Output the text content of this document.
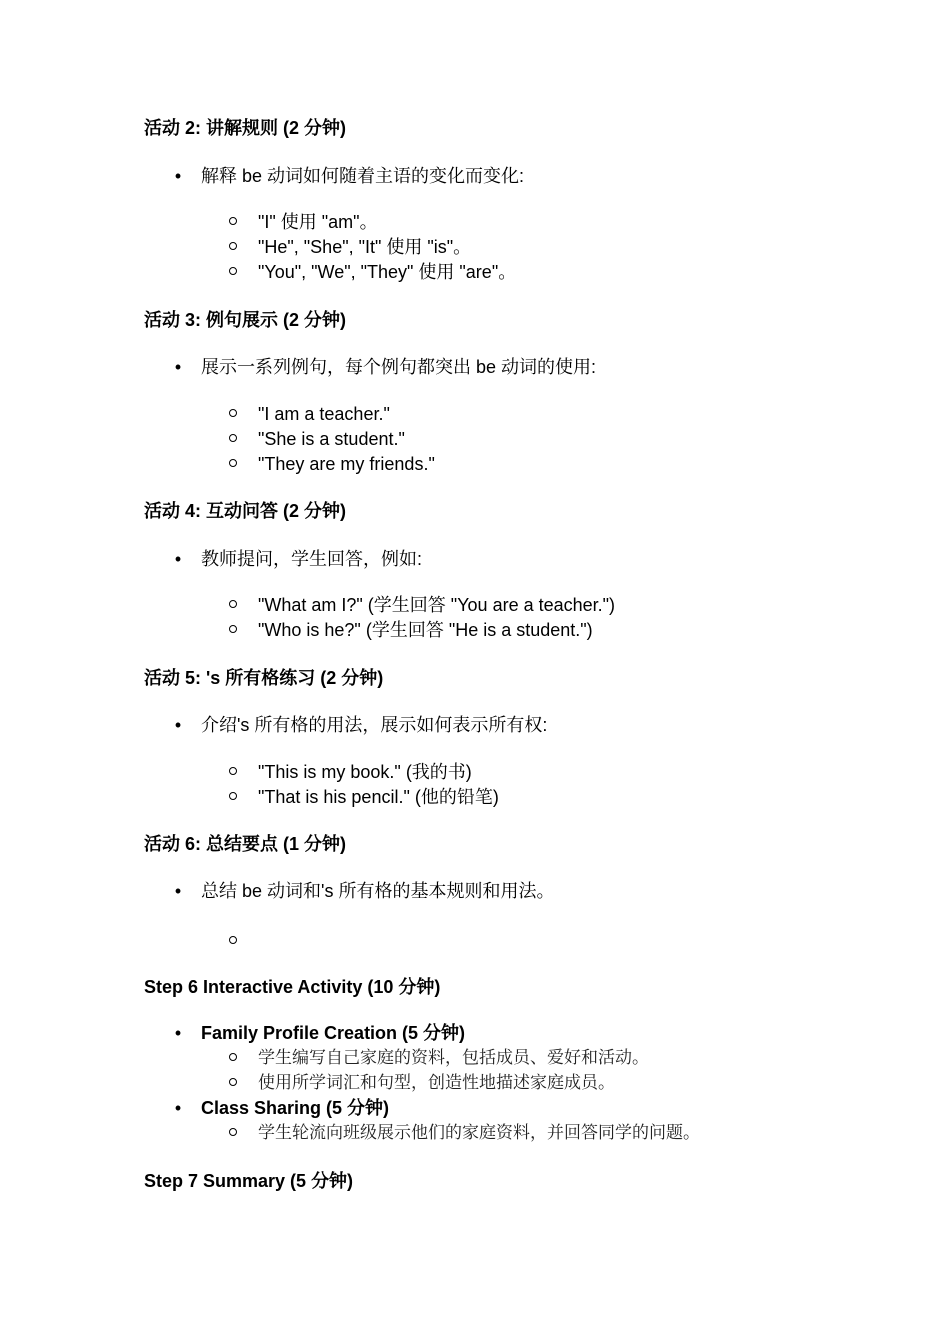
活动 2: 讲解规则 (2 分钟)
• 解释 be 动词如何随着主语的变化而变化:
"I" 使用 "am"。
"He", "She", "It" 使用 "is"。
"You", "We", "They" 使用 "are"。
活动 3: 例句展示 (2 分钟)
• 展示一系列例句，每个例句都突出 be 动词的使用:
"I am a teacher."
"She is a student."
"They are my friends."
活动 4: 互动问答 (2 分钟)
• 教师提问，学生回答，例如:
"What am I?" (学生回答 "You are a teacher.")
"Who is he?" (学生回答 "He is a student.")
活动 5: 's 所有格练习 (2 分钟)
• 介绍's 所有格的用法，展示如何表示所有权:
"This is my book." (我的书)
"That is his pencil." (他的铅笔)
活动 6: 总结要点 (1 分钟)
• 总结 be 动词和's 所有格的基本规则和用法。
Step 6 Interactive Activity (10 分钟)
• Family Profile Creation (5 分钟)
学生编写自己家庭的资料，包括成员、爱好和活动。
使用所学词汇和句型，创造性地描述家庭成员。
• Class Sharing (5 分钟)
学生轮流向班级展示他们的家庭资料，并回答同学的问题。
Step 7 Summary (5 分钟)
